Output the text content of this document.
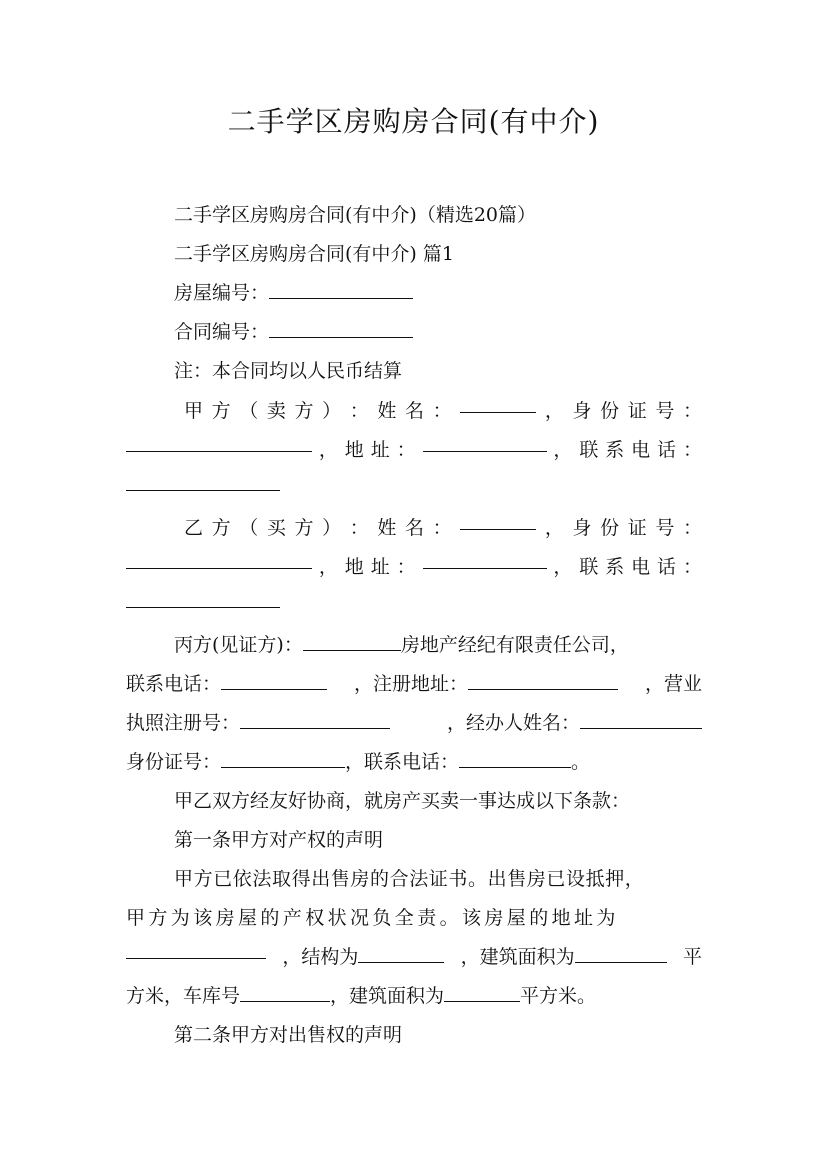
二手学区房购房合同(有中介)
二手学区房购房合同(有中介)（精选20篇）
二手学区房购房合同(有中介) 篇1
房屋编号：
合同编号：
注：本合同均以人民币结算
甲 方 （ 卖 方 ） ： 姓 名 ：	， 身 份 证 号 ：
， 地 址 ：	， 联 系 电 话 ：
乙 方 （ 买 方 ） ： 姓 名 ：	， 身 份 证 号 ：
， 地 址 ：	， 联 系 电 话 ：
丙方(见证方)：	房地产经纪有限责任公司，
联系电话：	，注册地址：	，营业
执照注册号：	，经办人姓名：
身份证号：	，联系电话：	。
甲乙双方经友好协商，就房产买卖一事达成以下条款：
第一条甲方对产权的声明
甲方已依法取得出售房的合法证书。出售房已设抵押，
甲方为该房屋的产权状况负全责。该房屋的地址为
，结构为	，建筑面积为	平
方米，车库号	，建筑面积为	平方米。
第二条甲方对出售权的声明
